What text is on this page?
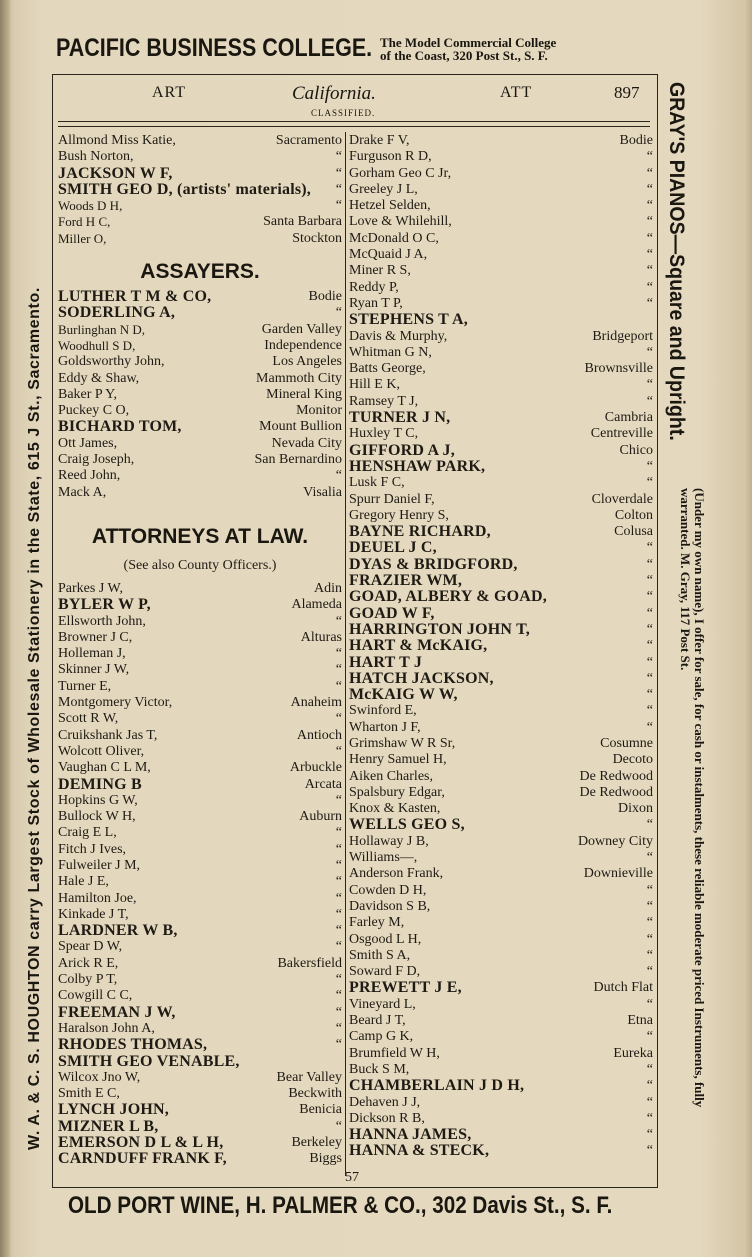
PACIFIC BUSINESS COLLEGE. The Model Commercial College
of the Coast, 320 Post St., S. F.
W. A. & C. S. HOUGHTON carry Largest Stock of Wholesale Stationery in the State, 615 J St., Sacramento.
GRAY'S PIANOS—Square and Upright.
(Under my own name), I offer for sale, for cash or instalments, these reliable moderate priced Instruments, fully warranted. M. Gray, 117 Post St.
ART	California.	ATT	897
CLASSIFIED.
Allmond Miss Katie,	Sacramento
Bush Norton,	“
JACKSON W F,	“
SMITH GEO D, (artists' materials), “
Woods D H,	“
Ford H C,	Santa Barbara
Miller O,	Stockton
ASSAYERS.
LUTHER T M & CO,	Bodie
SODERLING A,	“
Burlinghan N D,	Garden Valley
Woodhull S D,	Independence
Goldsworthy John,	Los Angeles
Eddy & Shaw,	Mammoth City
Baker P Y,	Mineral King
Puckey C O,	Monitor
BICHARD TOM,	Mount Bullion
Ott James,	Nevada City
Craig Joseph,	San Bernardino
Reed John,	“
Mack A,	Visalia
ATTORNEYS AT LAW.
(See also County Officers.)
Parkes J W,	Adin
BYLER W P,	Alameda
Ellsworth John,	“
Browner J C,	Alturas
Holleman J,	“
Skinner J W,	“
Turner E,	“
Montgomery Victor,	Anaheim
Scott R W,	“
Cruikshank Jas T,	Antioch
Wolcott Oliver,	“
Vaughan C L M,	Arbuckle
DEMING B	Arcata
Hopkins G W,	“
Bullock W H,	Auburn
Craig E L,	“
Fitch J Ives,	“
Fulweiler J M,	“
Hale J E,	“
Hamilton Joe,	“
Kinkade J T,	“
LARDNER W B,	“
Spear D W,	“
Arick R E,	Bakersfield
Colby P T,	“
Cowgill C C,	“
FREEMAN J W,	“
Haralson John A,	“
RHODES THOMAS,	“
SMITH GEO VENABLE,
Wilcox Jno W,	Bear Valley
Smith E C,	Beckwith
LYNCH JOHN,	Benicia
MIZNER L B,	“
EMERSON D L & L H,	Berkeley
CARNDUFF FRANK F,	Biggs
Drake F V,	Bodie
Furguson R D,	“
Gorham Geo C Jr,	“
Greeley J L,	“
Hetzel Selden,	“
Love & Whilehill,	“
McDonald O C,	“
McQuaid J A,	“
Miner R S,	“
Reddy P,	“
Ryan T P,	“
STEPHENS T A,
Davis & Murphy,	Bridgeport
Whitman G N,	“
Batts George,	Brownsville
Hill E K,	“
Ramsey T J,	“
TURNER J N,	Cambria
Huxley T C,	Centreville
GIFFORD A J,	Chico
HENSHAW PARK,	“
Lusk F C,	“
Spurr Daniel F,	Cloverdale
Gregory Henry S,	Colton
BAYNE RICHARD,	Colusa
DEUEL J C,	“
DYAS & BRIDGFORD,	“
FRAZIER WM,	“
GOAD, ALBERY & GOAD,	“
GOAD W F,	“
HARRINGTON JOHN T,	“
HART & McKAIG,	“
HART T J	“
HATCH JACKSON,	“
McKAIG W W,	“
Swinford E,	“
Wharton J F,	“
Grimshaw W R Sr,	Cosumne
Henry Samuel H,	Decoto
Aiken Charles,	De Redwood
Spalsbury Edgar,	De Redwood
Knox & Kasten,	Dixon
WELLS GEO S,	“
Hollaway J B,	Downey City
Williams—,	“
Anderson Frank,	Downieville
Cowden D H,	“
Davidson S B,	“
Farley M,	“
Osgood L H,	“
Smith S A,	“
Soward F D,	“
PREWETT J E,	Dutch Flat
Vineyard L,	“
Beard J T,	Etna
Camp G K,	“
Brumfield W H,	Eureka
Buck S M,	“
CHAMBERLAIN J D H,	“
Dehaven J J,	“
Dickson R B,	“
HANNA JAMES,	“
HANNA & STECK,	“
57
OLD PORT WINE, H. PALMER & CO., 302 Davis St., S. F.
